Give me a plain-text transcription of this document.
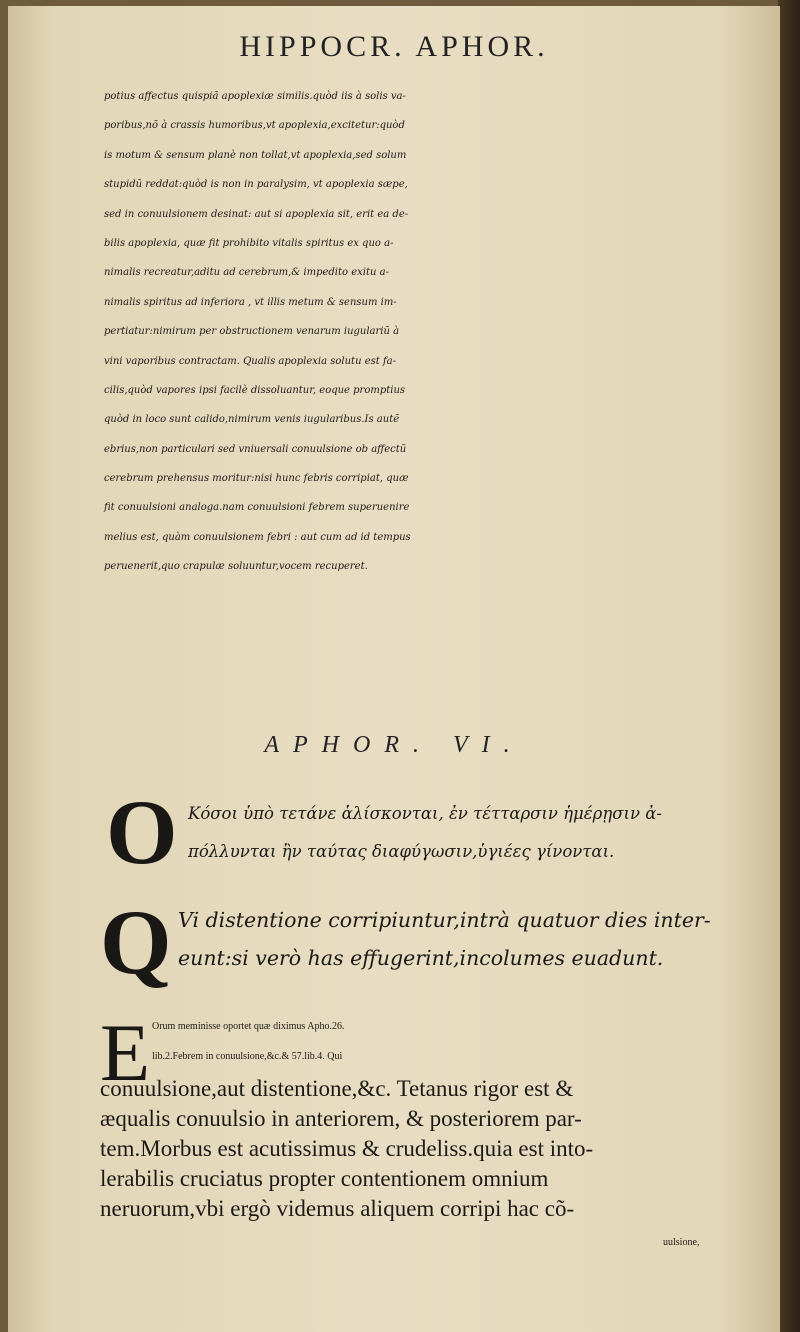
HIPPOCR. APHOR.
potius affectus quispiã apoplexiæ similis.quòd iis à solis va-
poribus,nõ à crassis humoribus,vt apoplexia,excitetur:quòd
is motum & sensum planè non tollat,vt apoplexia,sed solum
stupidũ reddat:quòd is non in paralysim, vt apoplexia sæpe,
sed in conuulsionem desinat: aut si apoplexia sit, erit ea de-
bilis apoplexia, quæ fit prohibito vitalis spiritus ex quo a-
nimalis recreatur,aditu ad cerebrum,& impedito exitu a-
nimalis spiritus ad inferiora , vt illis metum & sensum im-
pertiatur:nimirum per obstructionem venarum iugulariũ à
vini vaporibus contractam. Qualis apoplexia solutu est fa-
cilis,quòd vapores ipsi facilè dissoluantur, eoque promptius
quòd in loco sunt calido,nimirum venis iugularibus.Is autẽ
ebrius,non particulari sed vniuersali conuulsione ob affectũ
cerebrum prehensus moritur:nisi hunc febris corripiat, quæ
fit conuulsioni analoga.nam conuulsioni febrem superuenire
melius est, quàm conuulsionem febri : aut cum ad id tempus
peruenerit,quo crapulæ soluuntur,vocem recuperet.
APHOR. VI.
O Κόσοι ὑπὸ τετάνε ἁλίσκονται, ἐν τέτταρσιν ἡμέρῃσιν ἀ-
πόλλυνται ἢν ταύτας διαφύγωσιν,ὑγιέες γίνονται.
Q Vi distentione corripiuntur,intrà quatuor dies inter-
eunt:si verò has effugerint,incolumes euadunt.
E Orum meminisse oportet quæ diximus Apho.26.
lib.2.Febrem in conuulsione,&c.& 57.lib.4. Qui
conuulsione,aut distentione,&c. Tetanus rigor est &
æqualis conuulsio in anteriorem, & posteriorem par-
tem.Morbus est acutissimus & crudeliss.quia est into-
lerabilis cruciatus propter contentionem omnium
neruorum,vbi ergò videmus aliquem corripi hac cõ-
uulsione,
